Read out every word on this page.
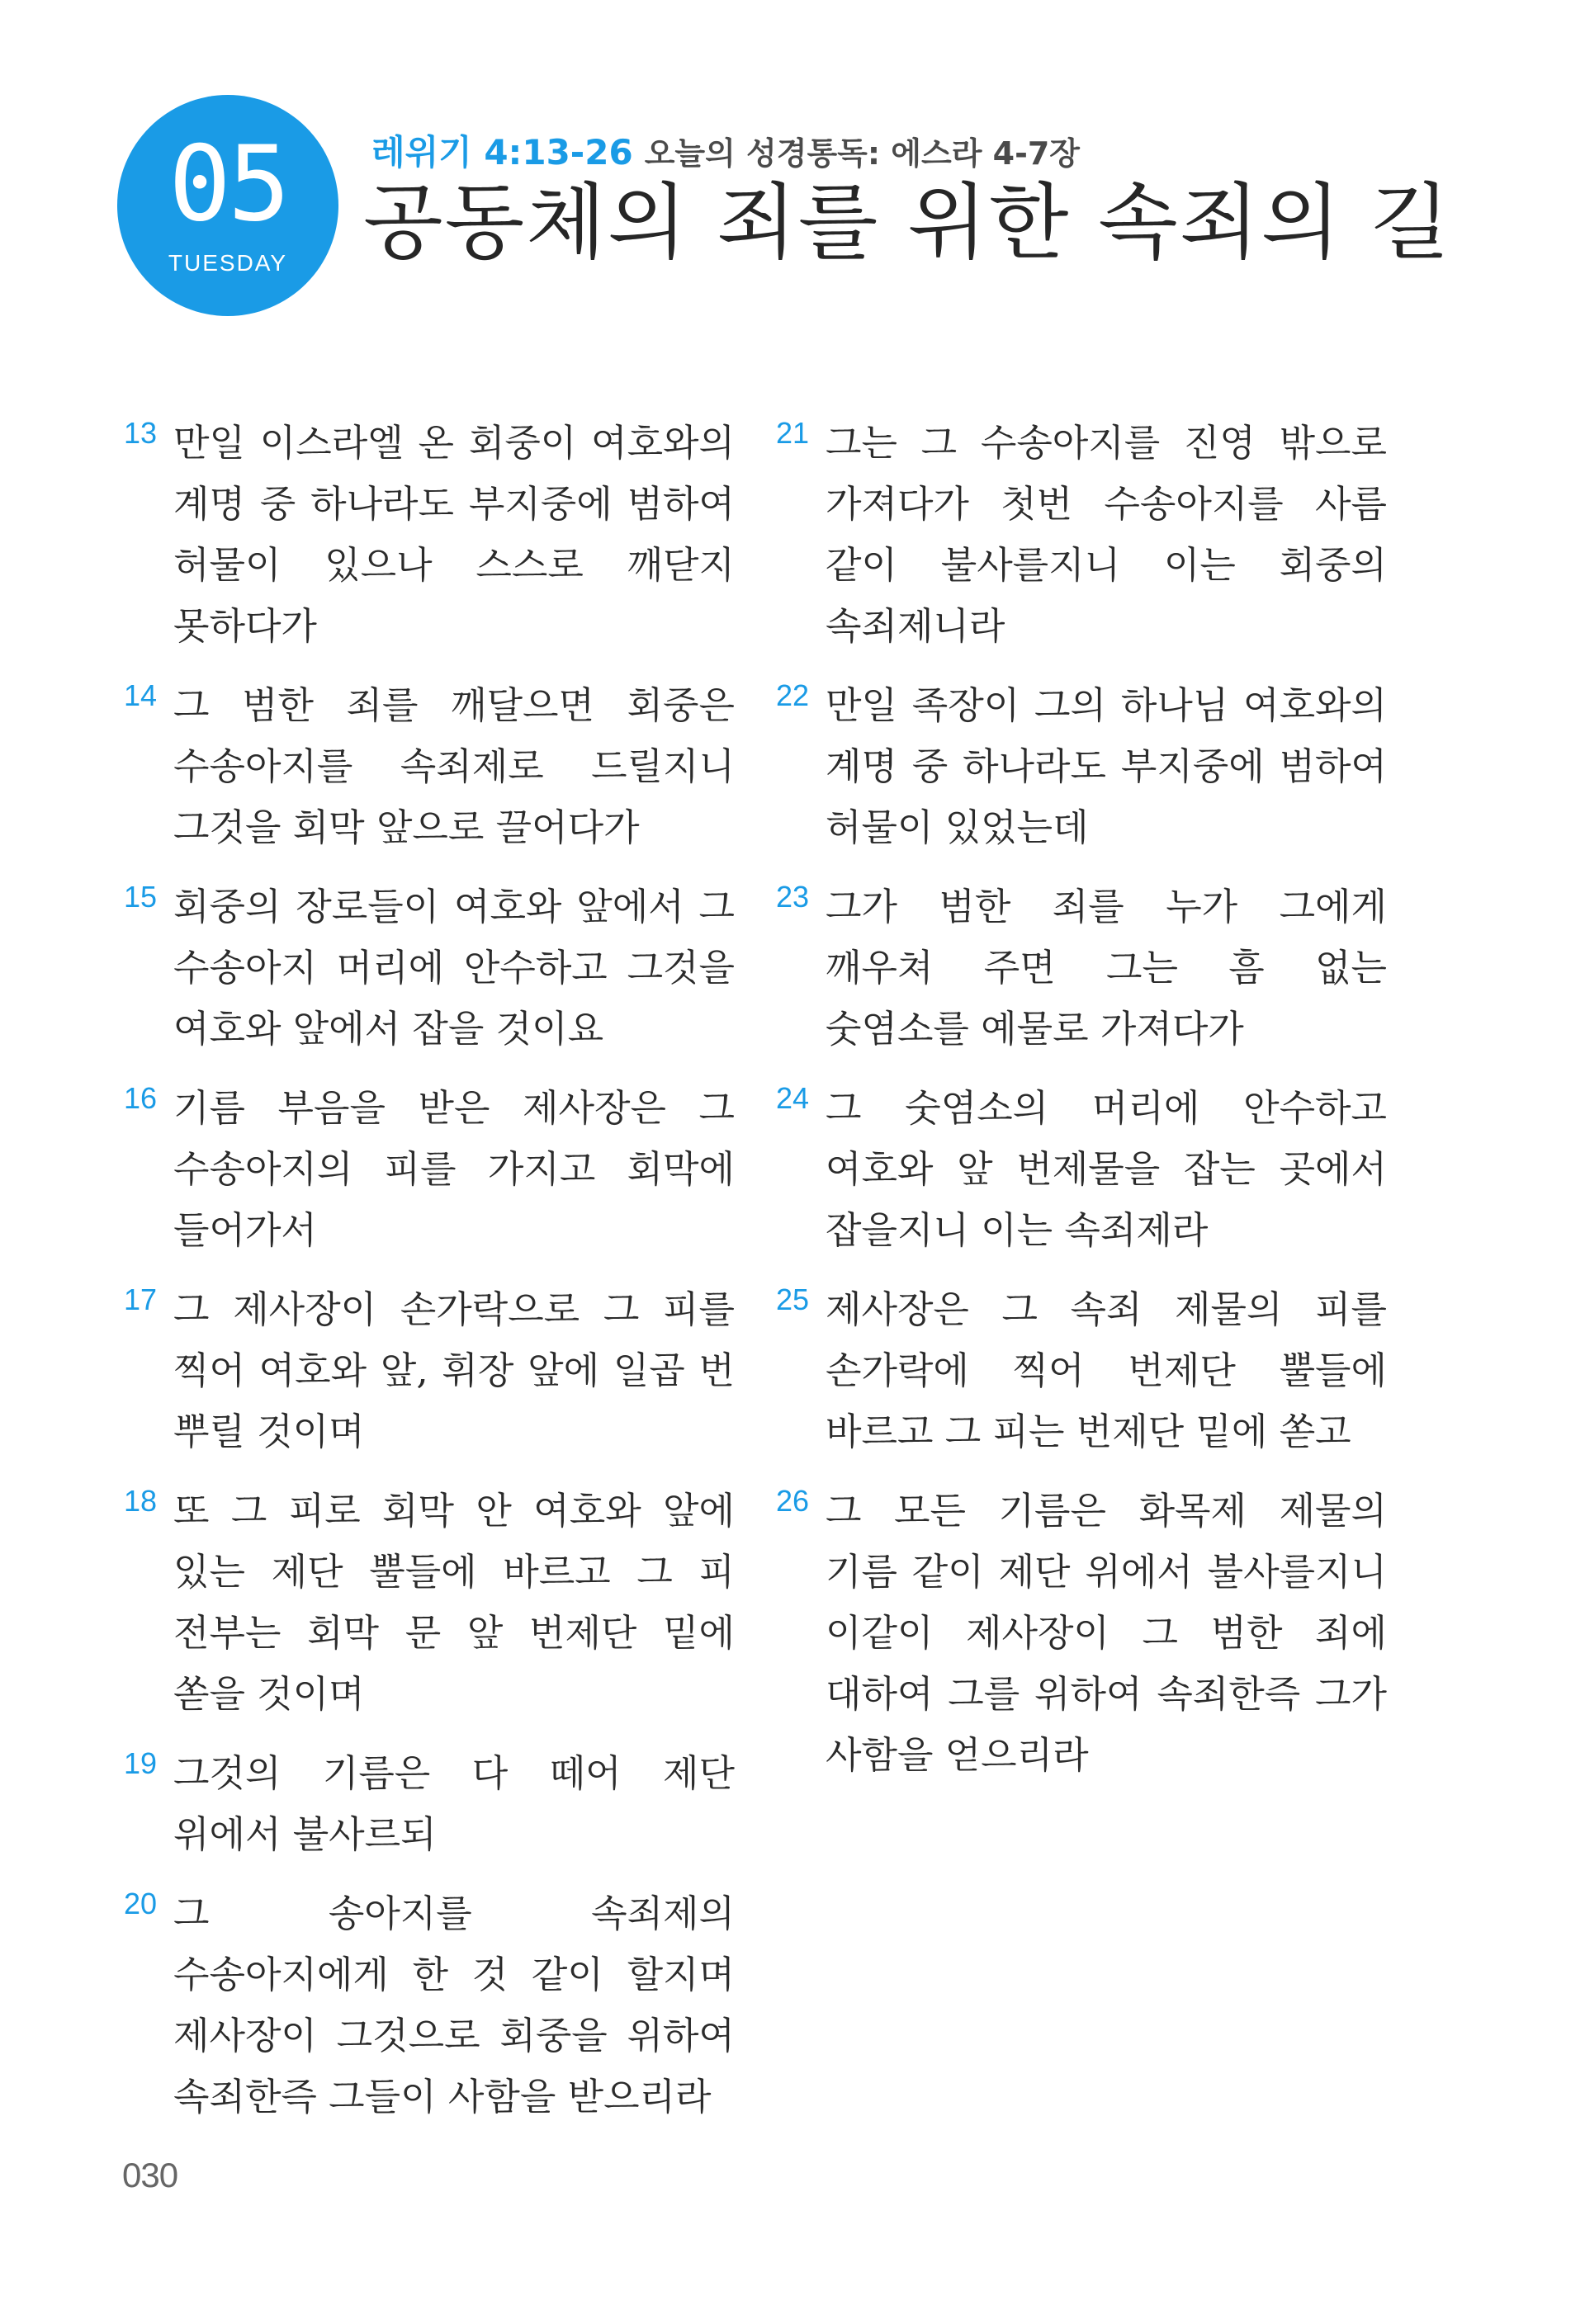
05
TUESDAY
레위기 4:13-26 오늘의 성경통독: 에스라 4-7장
공동체의 죄를 위한 속죄의 길
13 만일 이스라엘 온 회중이 여호와의 계명 중 하나라도 부지중에 범하여 허물이 있으나 스스로 깨닫지 못하다가
14 그 범한 죄를 깨달으면 회중은 수송아지를 속죄제로 드릴지니 그것을 회막 앞으로 끌어다가
15 회중의 장로들이 여호와 앞에서 그 수송아지 머리에 안수하고 그것을 여호와 앞에서 잡을 것이요
16 기름 부음을 받은 제사장은 그 수송아지의 피를 가지고 회막에 들어가서
17 그 제사장이 손가락으로 그 피를 찍어 여호와 앞, 휘장 앞에 일곱 번 뿌릴 것이며
18 또 그 피로 회막 안 여호와 앞에 있는 제단 뿔들에 바르고 그 피 전부는 회막 문 앞 번제단 밑에 쏟을 것이며
19 그것의 기름은 다 떼어 제단 위에서 불사르되
20 그 송아지를 속죄제의 수송아지에게 한 것 같이 할지며 제사장이 그것으로 회중을 위하여 속죄한즉 그들이 사함을 받으리라
21 그는 그 수송아지를 진영 밖으로 가져다가 첫번 수송아지를 사름 같이 불사를지니 이는 회중의 속죄제니라
22 만일 족장이 그의 하나님 여호와의 계명 중 하나라도 부지중에 범하여 허물이 있었는데
23 그가 범한 죄를 누가 그에게 깨우쳐 주면 그는 흠 없는 숫염소를 예물로 가져다가
24 그 숫염소의 머리에 안수하고 여호와 앞 번제물을 잡는 곳에서 잡을지니 이는 속죄제라
25 제사장은 그 속죄 제물의 피를 손가락에 찍어 번제단 뿔들에 바르고 그 피는 번제단 밑에 쏟고
26 그 모든 기름은 화목제 제물의 기름 같이 제단 위에서 불사를지니 이같이 제사장이 그 범한 죄에 대하여 그를 위하여 속죄한즉 그가 사함을 얻으리라
030
